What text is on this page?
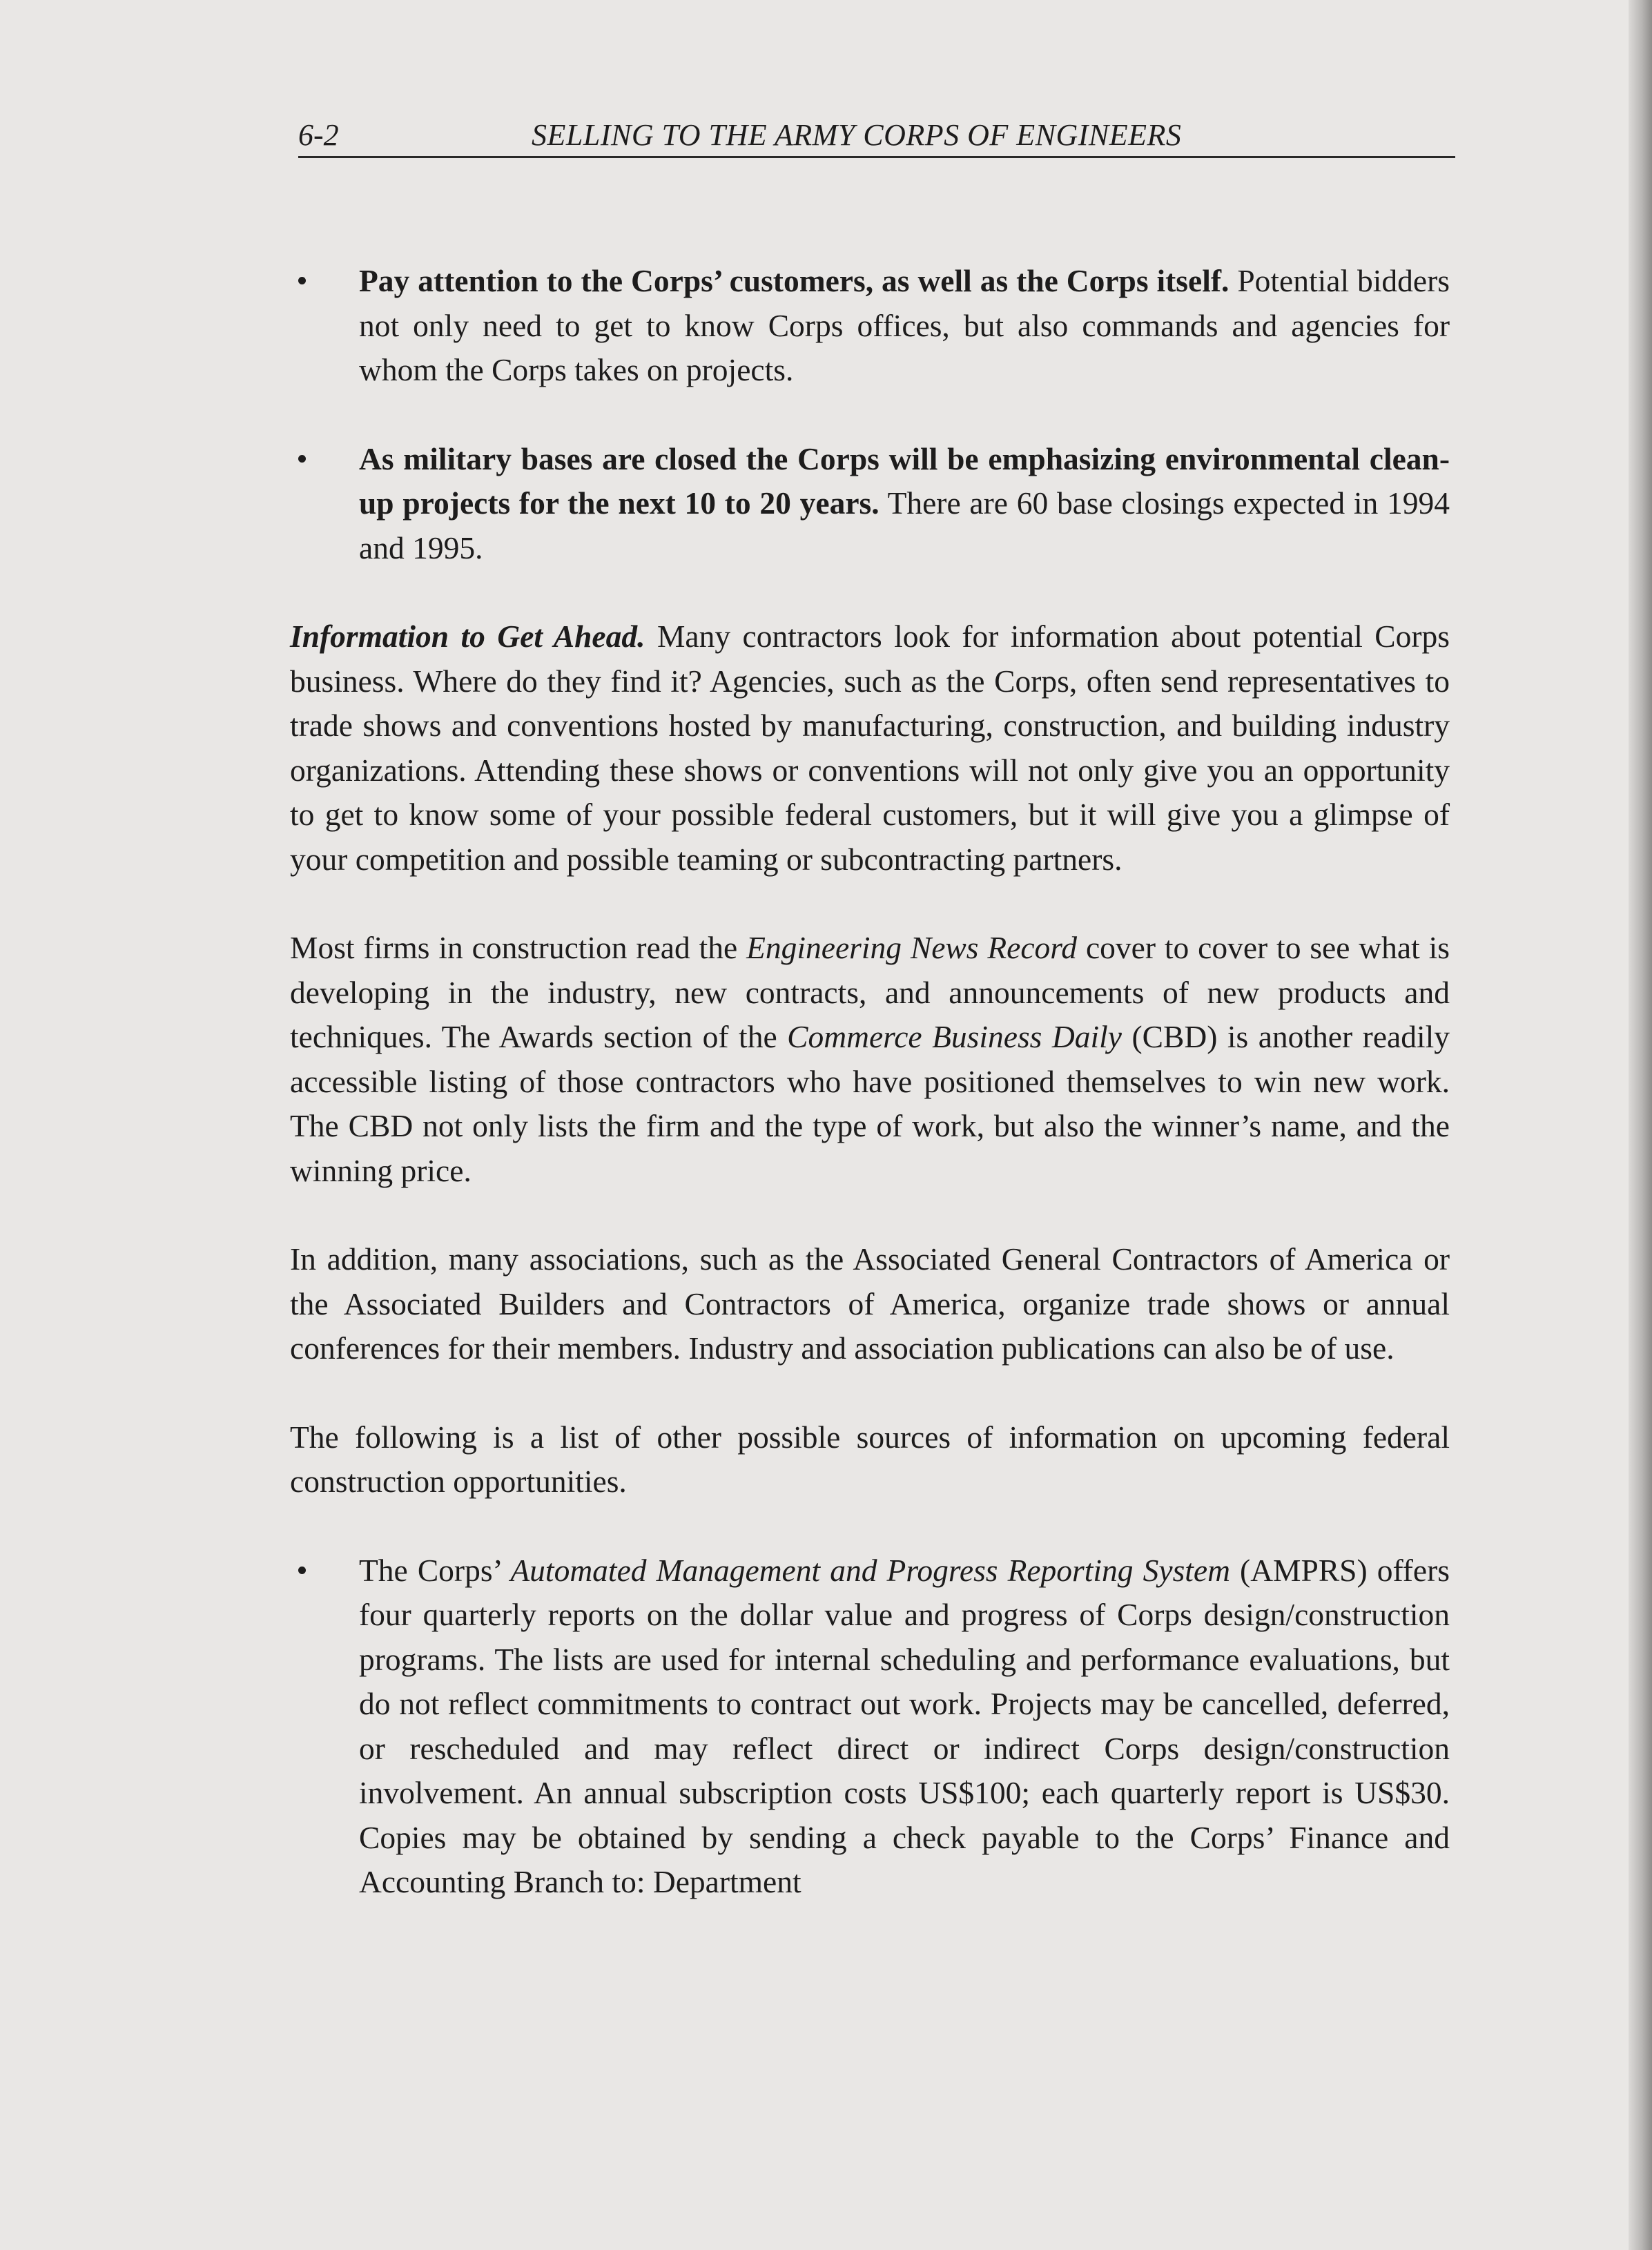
6-2	SELLING TO THE ARMY CORPS OF ENGINEERS
Pay attention to the Corps’ customers, as well as the Corps itself. Potential bidders not only need to get to know Corps offices, but also commands and agencies for whom the Corps takes on projects.
As military bases are closed the Corps will be emphasizing environmental clean-up projects for the next 10 to 20 years. There are 60 base closings expected in 1994 and 1995.

Information to Get Ahead. Many contractors look for information about potential Corps business. Where do they find it? Agencies, such as the Corps, often send representatives to trade shows and conventions hosted by manufacturing, construction, and building industry organizations. Attending these shows or conventions will not only give you an opportunity to get to know some of your possible federal customers, but it will give you a glimpse of your competition and possible teaming or subcontracting partners.

Most firms in construction read the Engineering News Record cover to cover to see what is developing in the industry, new contracts, and announcements of new products and techniques. The Awards section of the Commerce Business Daily (CBD) is another readily accessible listing of those contractors who have positioned themselves to win new work. The CBD not only lists the firm and the type of work, but also the winner’s name, and the winning price.

In addition, many associations, such as the Associated General Contractors of America or the Associated Builders and Contractors of America, organize trade shows or annual conferences for their members. Industry and association publications can also be of use.

The following is a list of other possible sources of information on upcoming federal construction opportunities.

The Corps’ Automated Management and Progress Reporting System (AMPRS) offers four quarterly reports on the dollar value and progress of Corps design/construction programs. The lists are used for internal scheduling and performance evaluations, but do not reflect commitments to contract out work. Projects may be cancelled, deferred, or rescheduled and may reflect direct or indirect Corps design/construction involvement. An annual subscription costs US$100; each quarterly report is US$30. Copies may be obtained by sending a check payable to the Corps’ Finance and Accounting Branch to: Department
